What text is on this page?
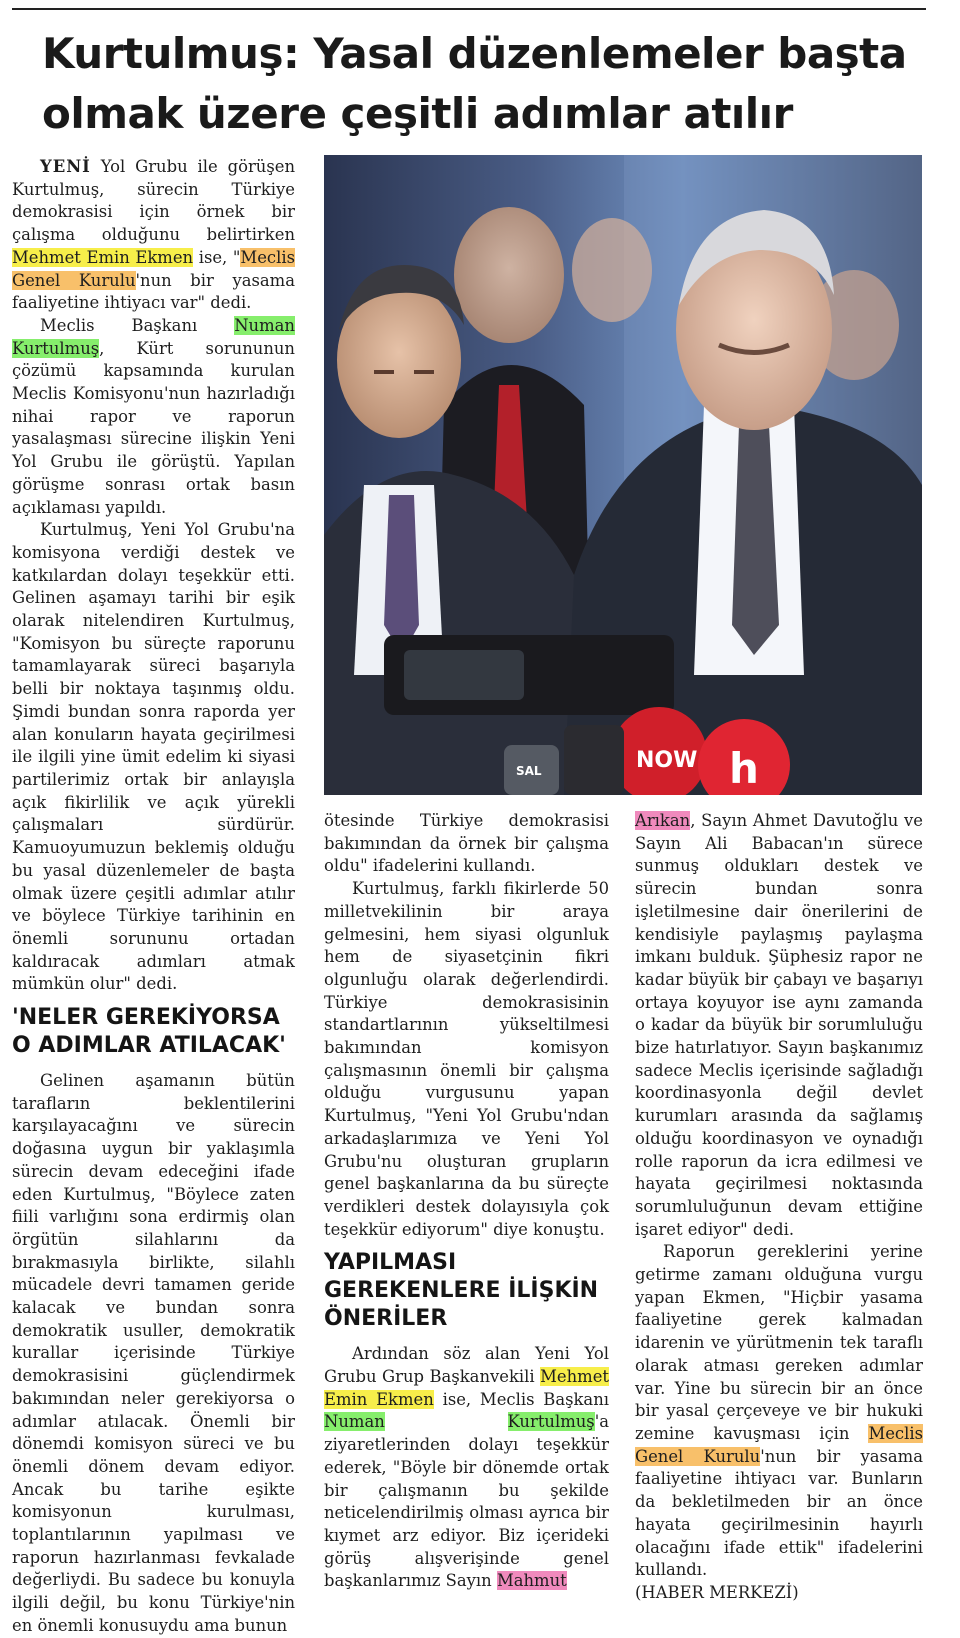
Kurtulmuş: Yasal düzenlemeler başta olmak üzere çeşitli adımlar atılır

YENİ Yol Grubu ile görüşen Kurtulmuş, sürecin Türkiye demokrasisi için örnek bir çalışma olduğunu belirtirken Mehmet Emin Ekmen ise, "Meclis Genel Kurulu'nun bir yasama faaliyetine ihtiyacı var" dedi.

Meclis Başkanı Numan Kurtulmuş, Kürt sorununun çözümü kapsamında kurulan Meclis Komisyonu'nun hazırladığı nihai rapor ve raporun yasalaşması sürecine ilişkin Yeni Yol Grubu ile görüştü. Yapılan görüşme sonrası ortak basın açıklaması yapıldı.

Kurtulmuş, Yeni Yol Grubu'na komisyona verdiği destek ve katkılardan dolayı teşekkür etti. Gelinen aşamayı tarihi bir eşik olarak nitelendiren Kurtulmuş, "Komisyon bu süreçte raporunu tamamlayarak süreci başarıyla belli bir noktaya taşınmış oldu. Şimdi bundan sonra raporda yer alan konuların hayata geçirilmesi ile ilgili yine ümit edelim ki siyasi partilerimiz ortak bir anlayışla açık fikirlilik ve açık yürekli çalışmaları sürdürür. Kamuoyumuzun beklemiş olduğu bu yasal düzenlemeler de başta olmak üzere çeşitli adımlar atılır ve böylece Türkiye tarihinin en önemli sorununu ortadan kaldıracak adımları atmak mümkün olur" dedi.

'NELER GEREKİYORSA O ADIMLAR ATILACAK'

Gelinen aşamanın bütün tarafların beklentilerini karşılayacağını ve sürecin doğasına uygun bir yaklaşımla sürecin devam edeceğini ifade eden Kurtulmuş, "Böylece zaten fiili varlığını sona erdirmiş olan örgütün silahlarını da bırakmasıyla birlikte, silahlı mücadele devri tamamen geride kalacak ve bundan sonra demokratik usuller, demokratik kurallar içerisinde Türkiye demokrasisini güçlendirmek bakımından neler gerekiyorsa o adımlar atılacak. Önemli bir dönemdi komisyon süreci ve bu önemli dönem devam ediyor. Ancak bu tarihe eşikte komisyonun kurulması, toplantılarının yapılması ve raporun hazırlanması fevkalade değerliydi. Bu sadece bu konuyla ilgili değil, bu konu Türkiye'nin en önemli konusuydu ama bunun

NOW h
SAL

ötesinde Türkiye demokrasisi bakımından da örnek bir çalışma oldu" ifadelerini kullandı.

Kurtulmuş, farklı fikirlerde 50 milletvekilinin bir araya gelmesini, hem siyasi olgunluk hem de siyasetçinin fikri olgunluğu olarak değerlendirdi. Türkiye demokrasisinin standartlarının yükseltilmesi bakımından komisyon çalışmasının önemli bir çalışma olduğu vurgusunu yapan Kurtulmuş, "Yeni Yol Grubu'ndan arkadaşlarımıza ve Yeni Yol Grubu'nu oluşturan grupların genel başkanlarına da bu süreçte verdikleri destek dolayısıyla çok teşekkür ediyorum" diye konuştu.

YAPILMASI GEREKENLERE İLİŞKİN ÖNERİLER

Ardından söz alan Yeni Yol Grubu Grup Başkanvekili Mehmet Emin Ekmen ise, Meclis Başkanı Numan	Kurtulmuş'a ziyaretlerinden dolayı teşekkür ederek, "Böyle bir dönemde ortak bir çalışmanın bu şekilde neticelendirilmiş olması ayrıca bir kıymet arz ediyor. Biz içerideki görüş alışverişinde genel başkanlarımız Sayın Mahmut

Arıkan, Sayın Ahmet Davutoğlu ve Sayın Ali Babacan'ın sürece sunmuş oldukları destek ve sürecin bundan sonra işletilmesine dair önerilerini de kendisiyle paylaşmış paylaşma imkanı bulduk. Şüphesiz rapor ne kadar büyük bir çabayı ve başarıyı ortaya koyuyor ise aynı zamanda o kadar da büyük bir sorumluluğu bize hatırlatıyor. Sayın başkanımız sadece Meclis içerisinde sağladığı koordinasyonla değil devlet kurumları arasında da sağlamış olduğu koordinasyon ve oynadığı rolle raporun da icra edilmesi ve hayata geçirilmesi noktasında sorumluluğunun devam ettiğine işaret ediyor" dedi.

Raporun gereklerini yerine getirme zamanı olduğuna vurgu yapan Ekmen, "Hiçbir yasama faaliyetine gerek kalmadan idarenin ve yürütmenin tek taraflı olarak atması gereken adımlar var. Yine bu sürecin bir an önce bir yasal çerçeveye ve bir hukuki zemine kavuşması için Meclis Genel Kurulu'nun bir yasama faaliyetine ihtiyacı var. Bunların da bekletilmeden bir an önce hayata geçirilmesinin hayırlı olacağını ifade ettik" ifadelerini kullandı.

(HABER MERKEZİ)
